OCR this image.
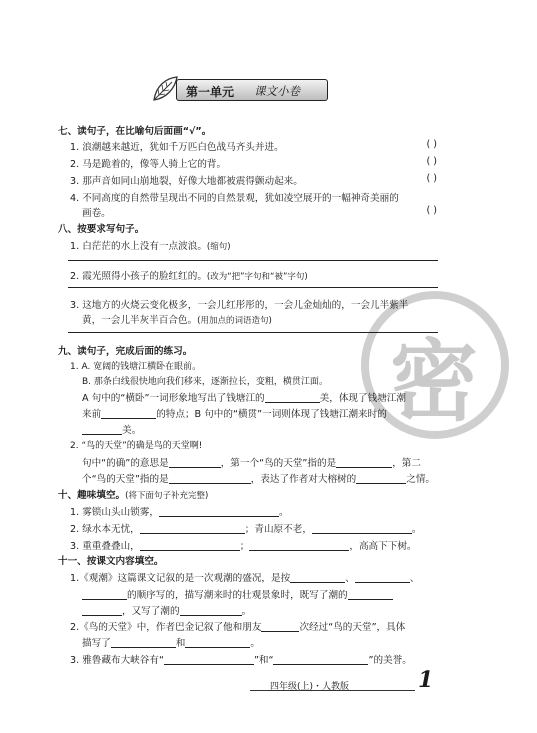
第一单元 课文小卷
密
七、读句子，在比喻句后面画“√”。
1. 浪潮越来越近，犹如千万匹白色战马齐头并进。	( )
2. 马是跪着的，像等人骑上它的背。	( )
3. 那声音如同山崩地裂，好像大地都被震得颤动起来。	( )
4. 不同高度的自然带呈现出不同的自然景观，犹如凌空展开的一幅神奇美丽的
画卷。	( )
八、按要求写句子。
1. 白茫茫的水上没有一点波浪。(缩句)
2. 霞光照得小孩子的脸红红的。(改为“把”字句和“被”字句)
3. 这地方的火烧云变化极多，一会儿红彤彤的，一会儿金灿灿的，一会儿半紫半
黄，一会儿半灰半百合色。(用加点的词语造句)
九、读句子，完成后面的练习。
1. A. 宽阔的钱塘江横卧在眼前。
B. 那条白线很快地向我们移来，逐渐拉长，变粗，横贯江面。
A 句中的“横卧”一词形象地写出了钱塘江的	美，体现了钱塘江潮
来前	的特点；B 句中的“横贯”一词则体现了钱塘江潮来时的
美。
2. “鸟的天堂”的确是鸟的天堂啊!
句中“的确”的意思是	，第一个“鸟的天堂”指的是	，第二
个“鸟的天堂”指的是	，表达了作者对大榕树的	之情。
十、趣味填空。(将下面句子补充完整)
1. 雾锁山头山锁雾，	。
2. 绿水本无忧，	；青山原不老，	。
3. 重重叠叠山，	；	，高高下下树。
十一、按课文内容填空。
1.《观潮》这篇课文记叙的是一次观潮的盛况，是按	、	、
的顺序写的，描写潮来时的壮观景象时，既写了潮的
，又写了潮的	。
2.《鸟的天堂》中，作者巴金记叙了他和朋友	次经过“鸟的天堂”，具体
描写了	和	。
3. 雅鲁藏布大峡谷有“	”和“	”的美誉。
四年级(上)・人教版	1
